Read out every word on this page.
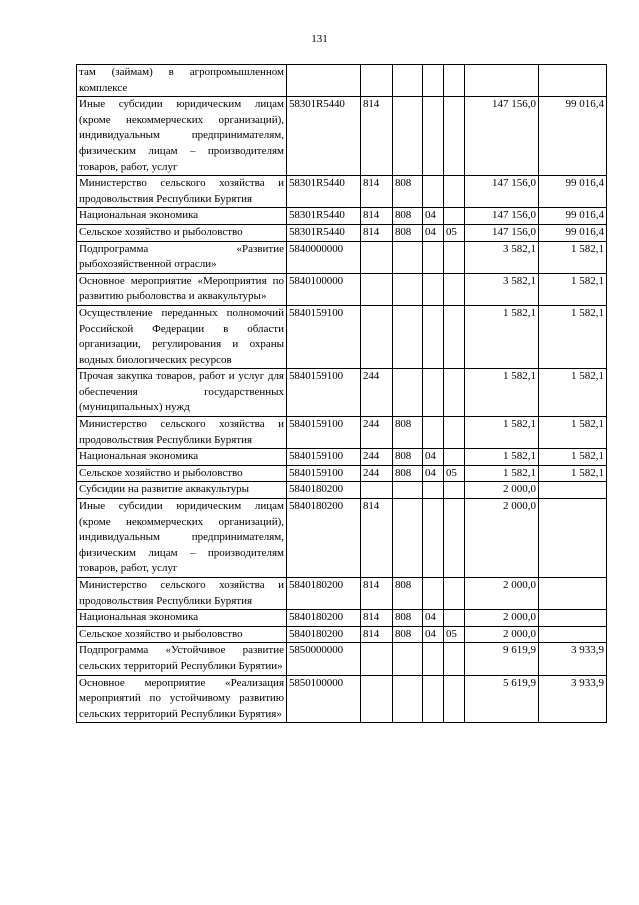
131
там (займам) в агропромышленном комплексе							
Иные субсидии юридическим лицам (кроме некоммерческих организаций), индивидуальным предпринимателям, физическим лицам – производителям товаров, работ, услуг	58301R5440	814				147 156,0	99 016,4
Министерство сельского хозяйства и продовольствия Республики Бурятия	58301R5440	814	808			147 156,0	99 016,4
Национальная экономика	58301R5440	814	808	04		147 156,0	99 016,4
Сельское хозяйство и рыболовство	58301R5440	814	808	04	05	147 156,0	99 016,4
Подпрограмма «Развитие рыбохозяйственной отрасли»	5840000000					3 582,1	1 582,1
Основное мероприятие «Мероприятия по развитию рыболовства и аквакультуры»	5840100000					3 582,1	1 582,1
Осуществление переданных полномочий Российской Федерации в области организации, регулирования и охраны водных биологических ресурсов	5840159100					1 582,1	1 582,1
Прочая закупка товаров, работ и услуг для обеспечения государственных (муниципальных) нужд	5840159100	244				1 582,1	1 582,1
Министерство сельского хозяйства и продовольствия Республики Бурятия	5840159100	244	808			1 582,1	1 582,1
Национальная экономика	5840159100	244	808	04		1 582,1	1 582,1
Сельское хозяйство и рыболовство	5840159100	244	808	04	05	1 582,1	1 582,1
Субсидии на развитие аквакультуры	5840180200					2 000,0	
Иные субсидии юридическим лицам (кроме некоммерческих организаций), индивидуальным предпринимателям, физическим лицам – производителям товаров, работ, услуг	5840180200	814				2 000,0	
Министерство сельского хозяйства и продовольствия Республики Бурятия	5840180200	814	808			2 000,0	
Национальная экономика	5840180200	814	808	04		2 000,0	
Сельское хозяйство и рыболовство	5840180200	814	808	04	05	2 000,0	
Подпрограмма «Устойчивое развитие сельских территорий Республики Бурятии»	5850000000					9 619,9	3 933,9
Основное мероприятие «Реализация мероприятий по устойчивому развитию сельских территорий Республики Бурятия»	5850100000					5 619,9	3 933,9
